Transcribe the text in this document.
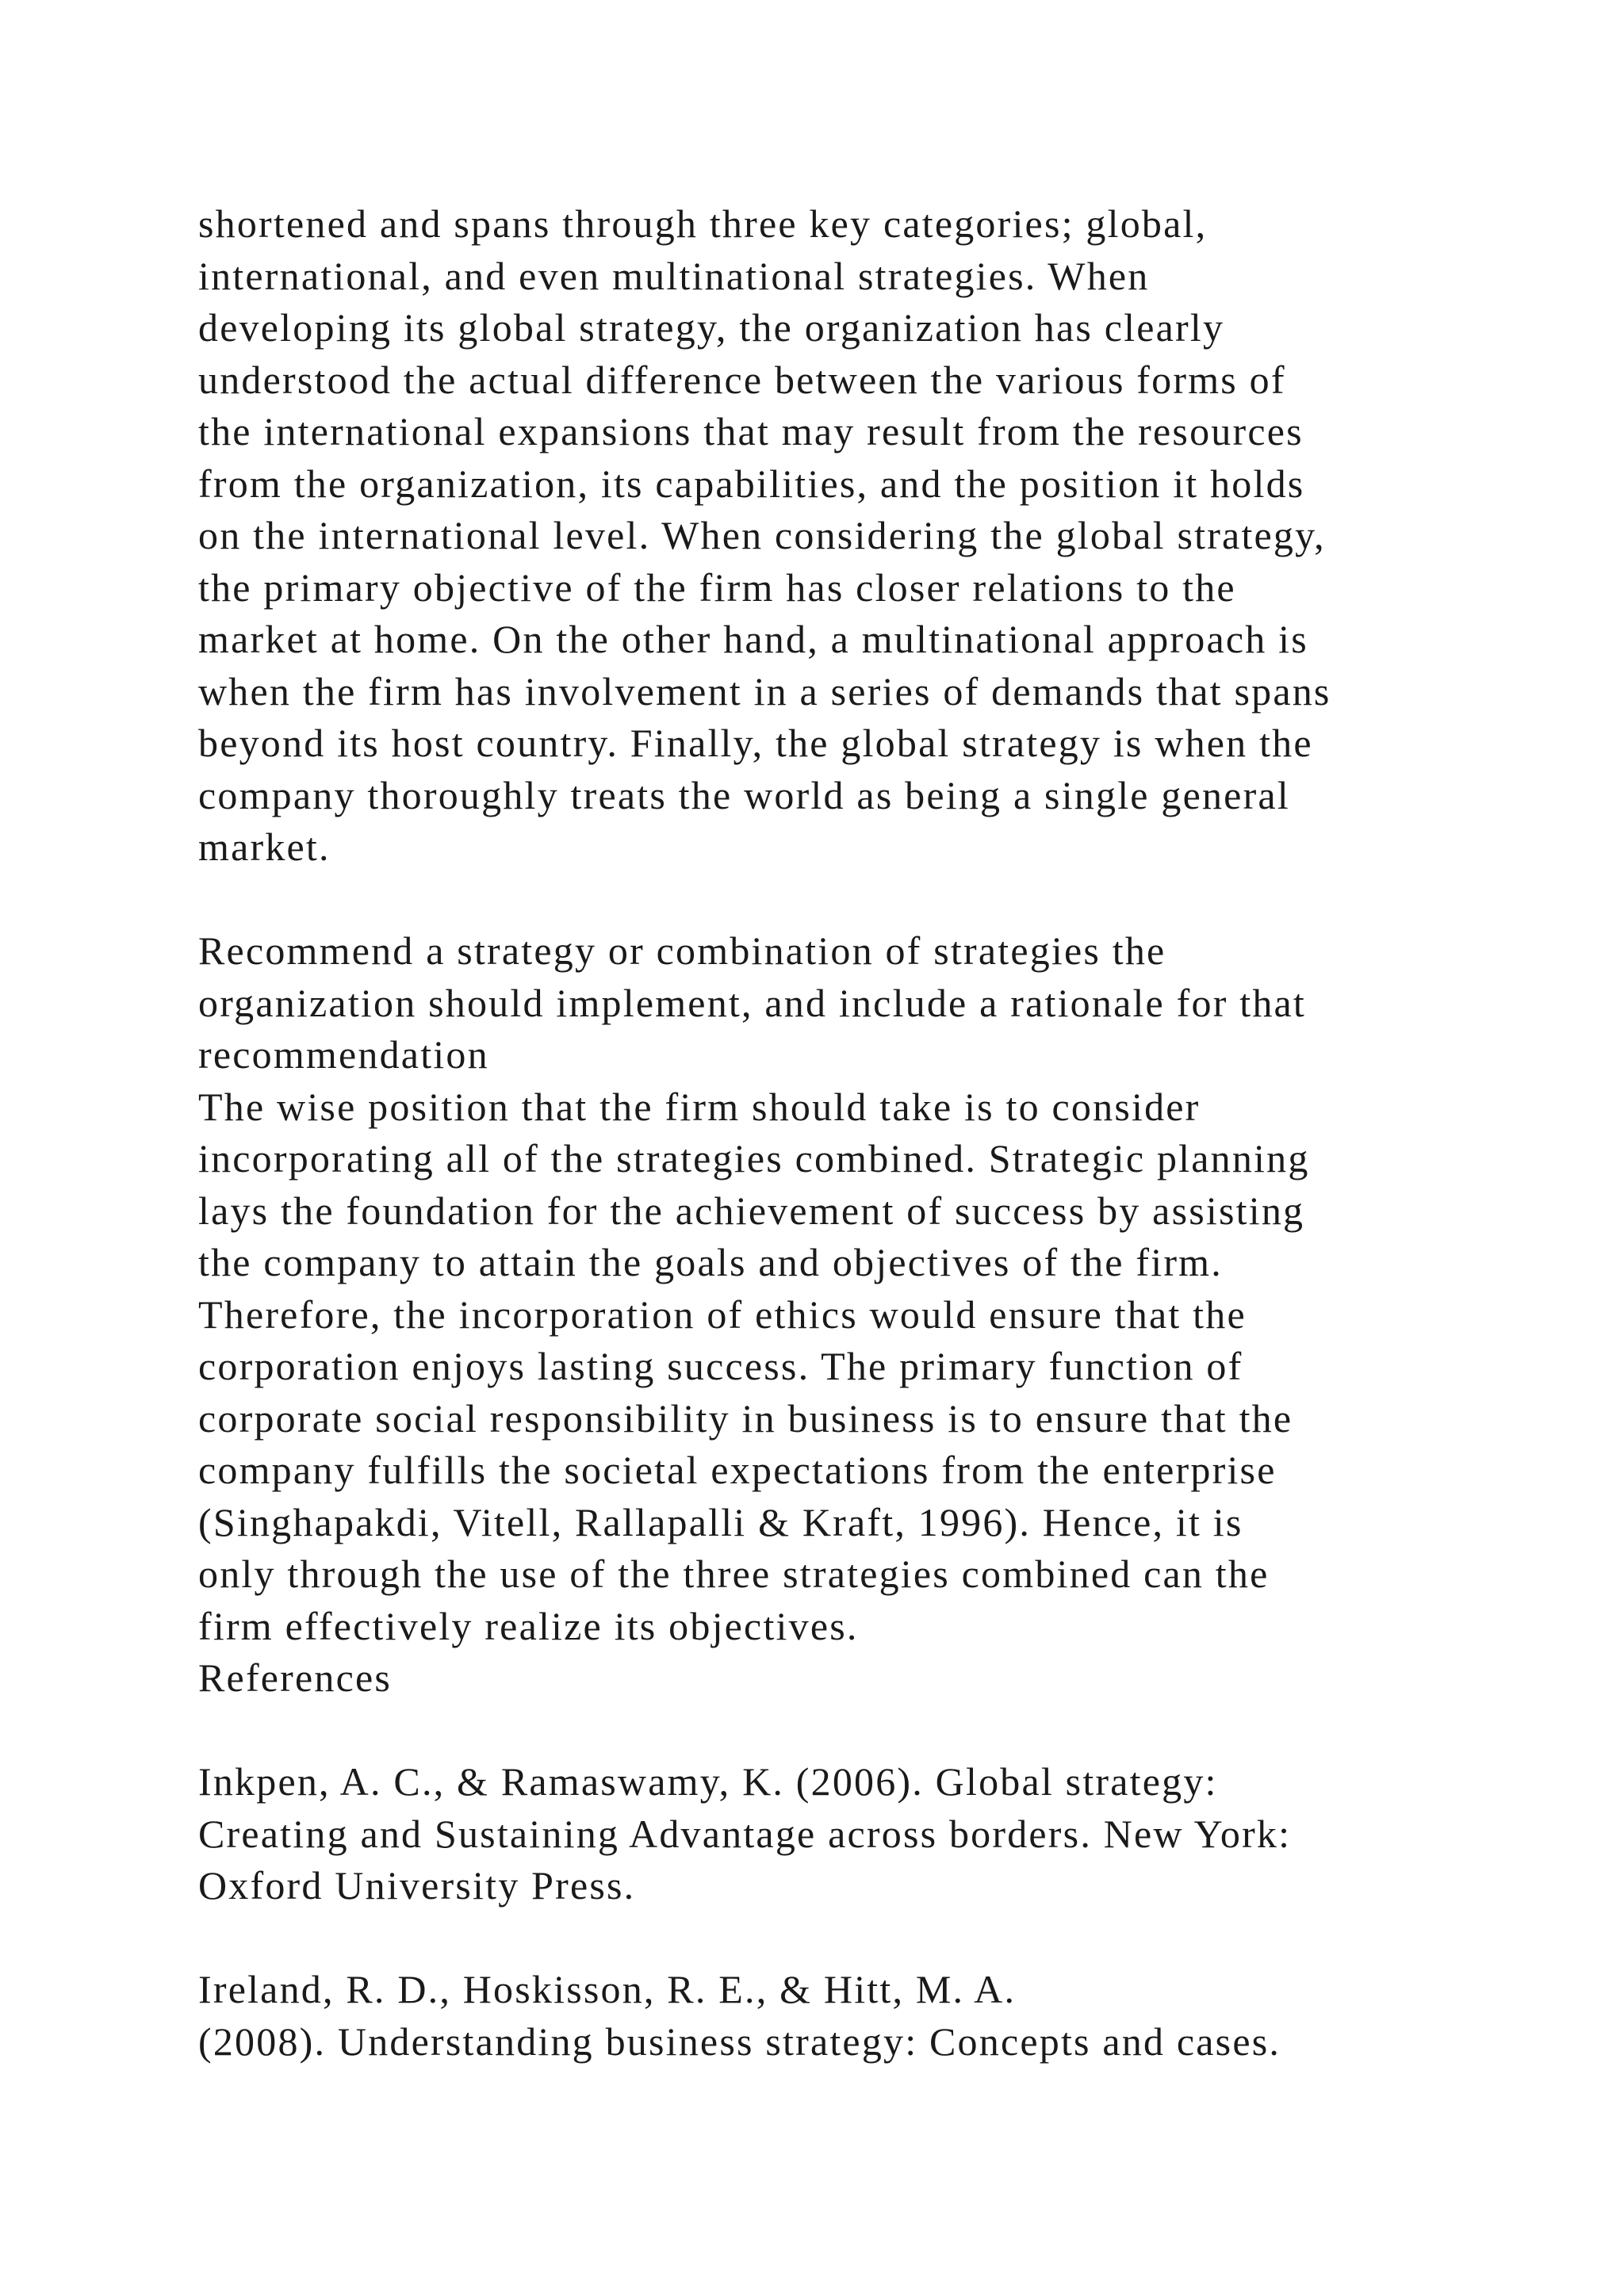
shortened and spans through three key categories; global,
international, and even multinational strategies. When
developing its global strategy, the organization has clearly
understood the actual difference between the various forms of
the international expansions that may result from the resources
from the organization, its capabilities, and the position it holds
on the international level. When considering the global strategy,
the primary objective of the firm has closer relations to the
market at home. On the other hand, a multinational approach is
when the firm has involvement in a series of demands that spans
beyond its host country. Finally, the global strategy is when the
company thoroughly treats the world as being a single general
market.
Recommend a strategy or combination of strategies the
organization should implement, and include a rationale for that
recommendation
The wise position that the firm should take is to consider
incorporating all of the strategies combined. Strategic planning
lays the foundation for the achievement of success by assisting
the company to attain the goals and objectives of the firm.
Therefore, the incorporation of ethics would ensure that the
corporation enjoys lasting success. The primary function of
corporate social responsibility in business is to ensure that the
company fulfills the societal expectations from the enterprise
(Singhapakdi, Vitell, Rallapalli & Kraft, 1996). Hence, it is
only through the use of the three strategies combined can the
firm effectively realize its objectives.
References
Inkpen, A. C., & Ramaswamy, K. (2006). Global strategy:
Creating and Sustaining Advantage across borders. New York:
Oxford University Press.
Ireland, R. D., Hoskisson, R. E., & Hitt, M. A.
(2008). Understanding business strategy: Concepts and cases.
